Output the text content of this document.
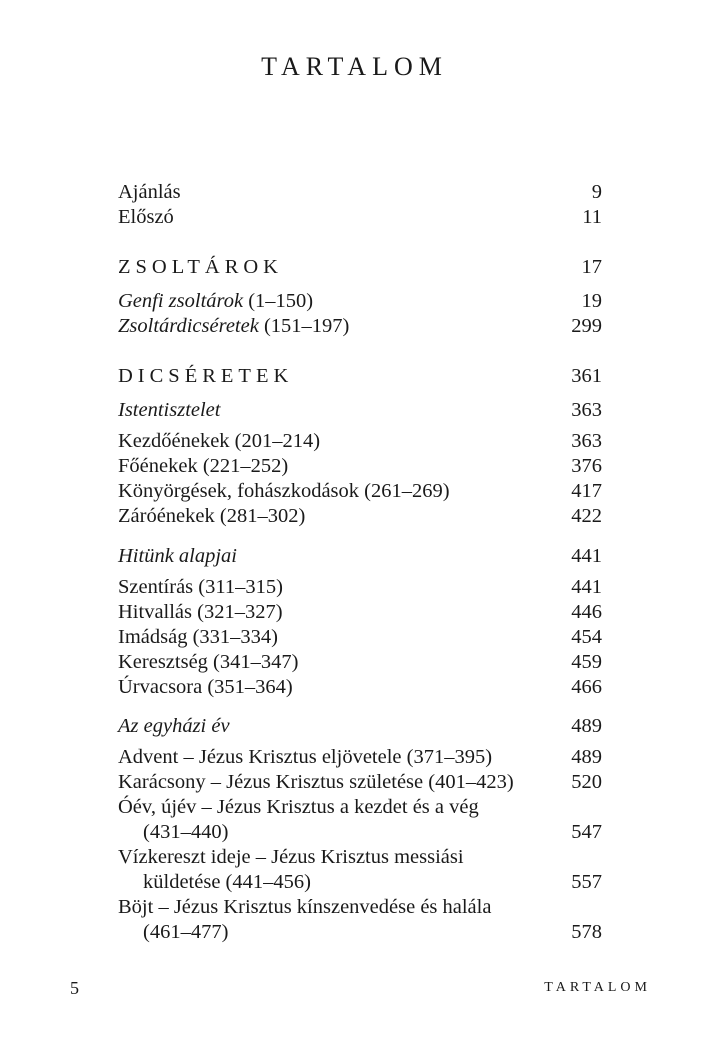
TARTALOM
Ajánlás	9
Előszó	11
ZSOLTÁROK	17
Genfi zsoltárok (1–150)	19
Zsoltárdicséretek (151–197)	299
DICSÉRETEK	361
Istentisztelet	363
Kezdőénekek (201–214)	363
Főénekek (221–252)	376
Könyörgések, fohászkodások (261–269)	417
Záróénekek (281–302)	422
Hitünk alapjai	441
Szentírás (311–315)	441
Hitvallás (321–327)	446
Imádság (331–334)	454
Keresztség (341–347)	459
Úrvacsora (351–364)	466
Az egyházi év	489
Advent – Jézus Krisztus eljövetele (371–395)	489
Karácsony – Jézus Krisztus születése (401–423)	520
Óév, újév – Jézus Krisztus a kezdet és a vég
(431–440)	547
Vízkereszt ideje – Jézus Krisztus messiási
küldetése (441–456)	557
Böjt – Jézus Krisztus kínszenvedése és halála
(461–477)	578
5	TARTALOM
